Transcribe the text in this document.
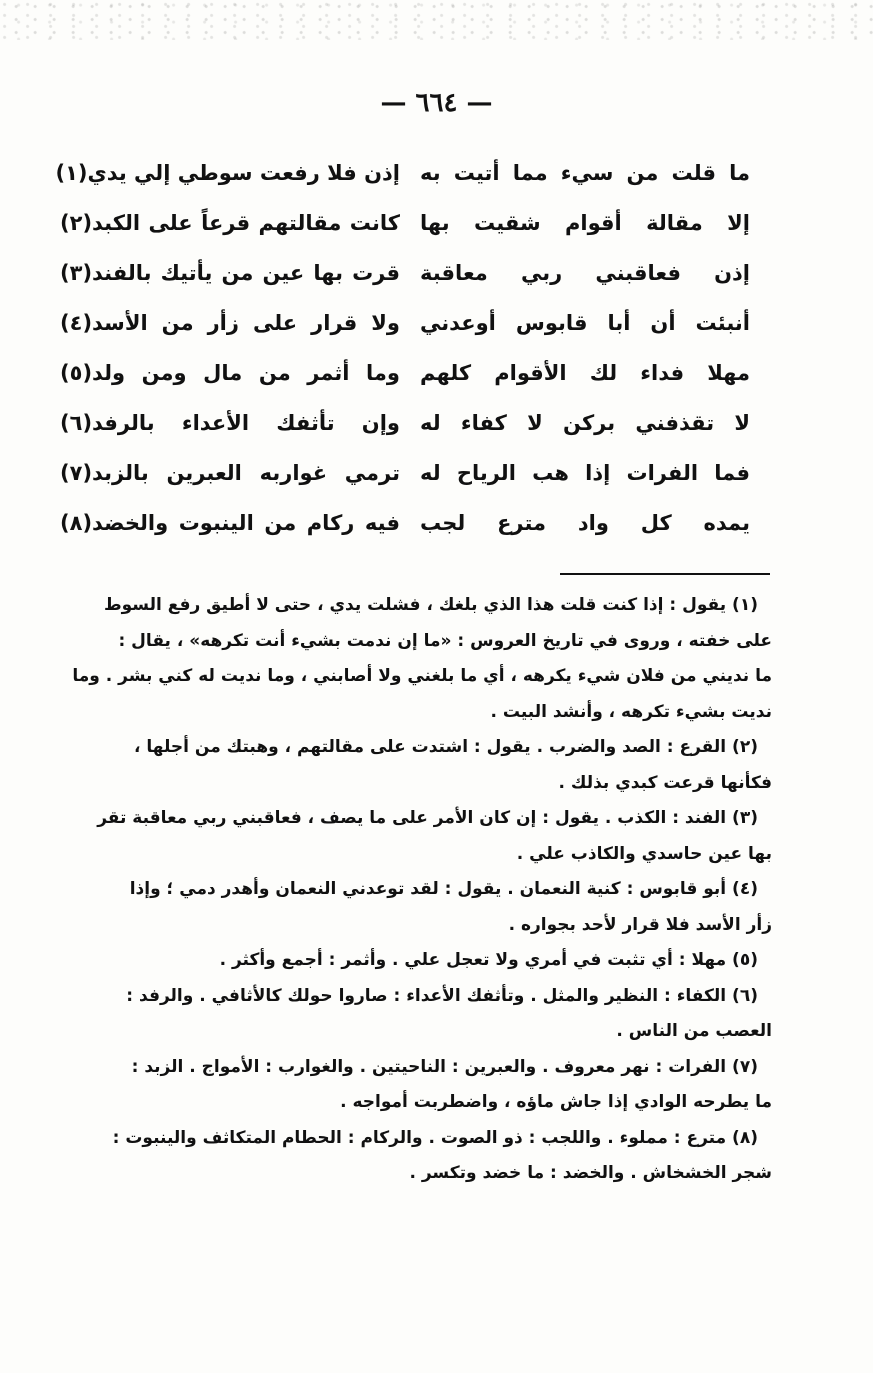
— ٦٦٤ —
ما قلت من سيء مما أتيت به
إذن فلا رفعت سوطي إلي يدي(١)
إلا مقالة أقوام شقيت بها
كانت مقالتهم قرعاً على الكبد(٢)
إذن فعاقبني ربي معاقبة
قرت بها عين من يأتيك بالفند(٣)
أنبئت أن أبا قابوس أوعدني
ولا قرار على زأر من الأسد(٤)
مهلا فداء لك الأقوام كلهم
وما أثمر من مال ومن ولد(٥)
لا تقذفني بركن لا كفاء له
وإن تأثفك الأعداء بالرفد(٦)
فما الفرات إذا هب الرياح له
ترمي غواربه العبرين بالزبد(٧)
يمده كل واد مترع لجب
فيه ركام من الينبوت والخضد(٨)
(١) يقول : إذا كنت قلت هذا الذي بلغك ، فشلت يدي ، حتى لا أطيق رفع السوط
على خفته ، وروى في تاريخ العروس : «ما إن ندمت بشيء أنت تكرهه» ، يقال :
ما نديني من فلان شيء يكرهه ، أي ما بلغني ولا أصابني ، وما نديت له كني بشر . وما
نديت بشيء تكرهه ، وأنشد البيت .
(٢) القرع : الصد والضرب . يقول : اشتدت على مقالتهم ، وهبتك من أجلها ،
فكأنها قرعت كبدي بذلك .
(٣) الفند : الكذب . يقول : إن كان الأمر على ما يصف ، فعاقبني ربي معاقبة تقر
بها عين حاسدي والكاذب علي .
(٤) أبو قابوس : كنية النعمان . يقول : لقد توعدني النعمان وأهدر دمي ؛ وإذا
زأر الأسد فلا قرار لأحد بجواره .
(٥) مهلا : أي تثبت في أمري ولا تعجل علي . وأثمر : أجمع وأكثر .
(٦) الكفاء : النظير والمثل . وتأثفك الأعداء : صاروا حولك كالأثافي . والرفد :
العصب من الناس .
(٧) الفرات : نهر معروف . والعبرين : الناحيتين . والغوارب : الأمواج . الزبد :
ما يطرحه الوادي إذا جاش ماؤه ، واضطربت أمواجه .
(٨) مترع : مملوء . واللجب : ذو الصوت . والركام : الحطام المتكاثف والينبوت :
شجر الخشخاش . والخضد : ما خضد وتكسر .
